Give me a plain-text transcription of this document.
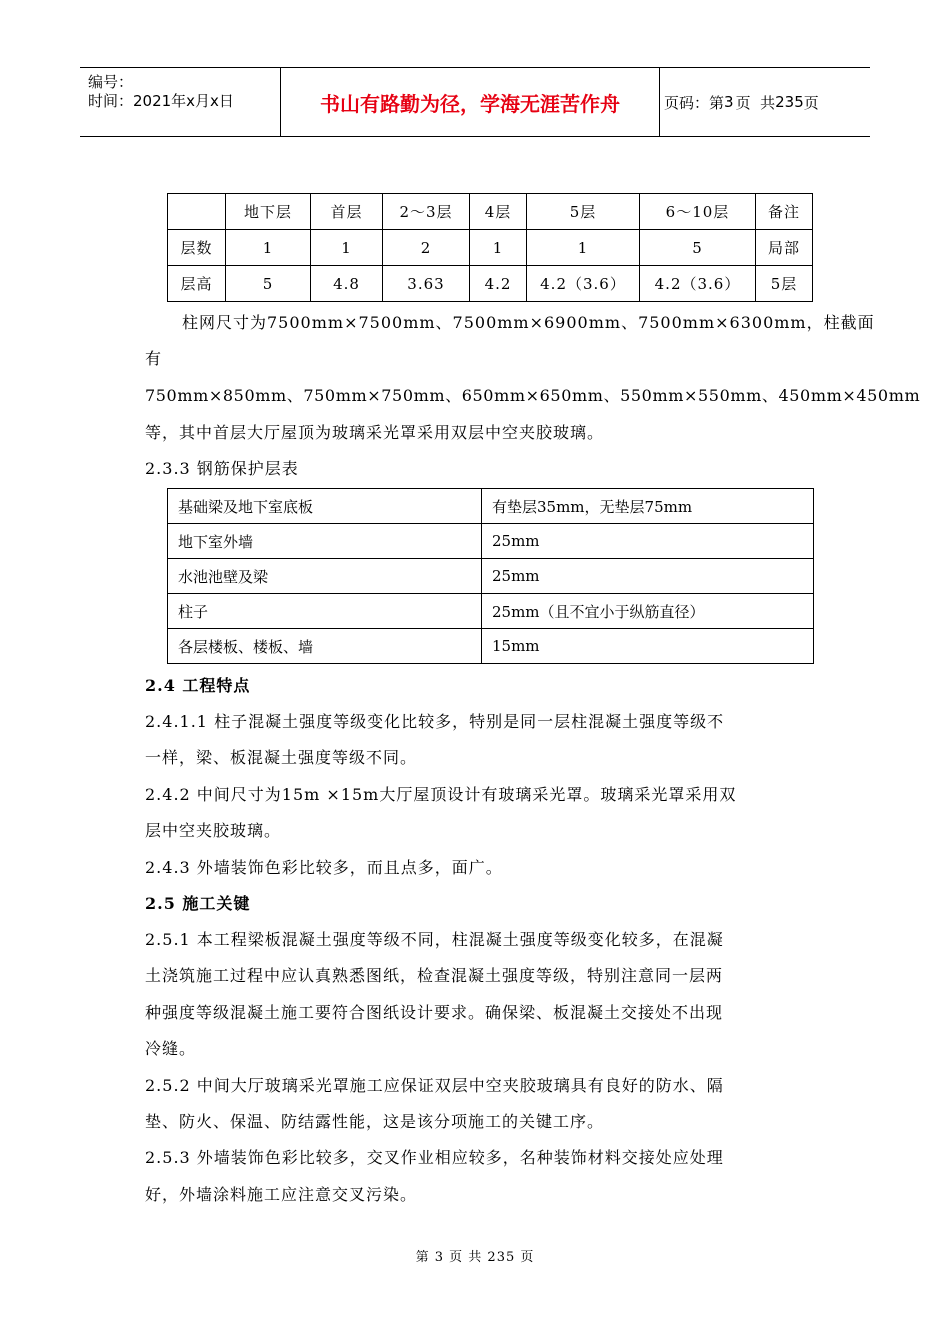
编号：
时间：2021年x月x日	书山有路勤为径，学海无涯苦作舟	页码：第 3 页  共 235 页
	地下层	首层	2～3层	4层	5层	6～10层	备注
层数	1	1	2	1	1	5	局部
层高	5	4.8	3.63	4.2	4.2（3.6）	4.2（3.6）	5层
柱网尺寸为7500mm×7500mm、7500mm×6900mm、7500mm×6300mm，柱截面
有
750mm×850mm、750mm×750mm、650mm×650mm、550mm×550mm、450mm×450mm
等，其中首层大厅屋顶为玻璃采光罩采用双层中空夹胶玻璃。
2.3.3 钢筋保护层表
基础梁及地下室底板	有垫层35mm，无垫层75mm
地下室外墙	25mm
水池池壁及梁	25mm
柱子	25mm（且不宜小于纵筋直径）
各层楼板、楼板、墙	15mm
2.4 工程特点
2.4.1.1 柱子混凝土强度等级变化比较多，特别是同一层柱混凝土强度等级不
一样，梁、板混凝土强度等级不同。
2.4.2 中间尺寸为15m ×15m大厅屋顶设计有玻璃采光罩。玻璃采光罩采用双
层中空夹胶玻璃。
2.4.3 外墙装饰色彩比较多，而且点多，面广。
2.5 施工关键
2.5.1 本工程梁板混凝土强度等级不同，柱混凝土强度等级变化较多，在混凝
土浇筑施工过程中应认真熟悉图纸，检查混凝土强度等级，特别注意同一层两
种强度等级混凝土施工要符合图纸设计要求。确保梁、板混凝土交接处不出现
冷缝。
2.5.2 中间大厅玻璃采光罩施工应保证双层中空夹胶玻璃具有良好的防水、隔
垫、防火、保温、防结露性能，这是该分项施工的关键工序。
2.5.3 外墙装饰色彩比较多，交叉作业相应较多，名种装饰材料交接处应处理
好，外墙涂料施工应注意交叉污染。
第 3 页 共 235 页
